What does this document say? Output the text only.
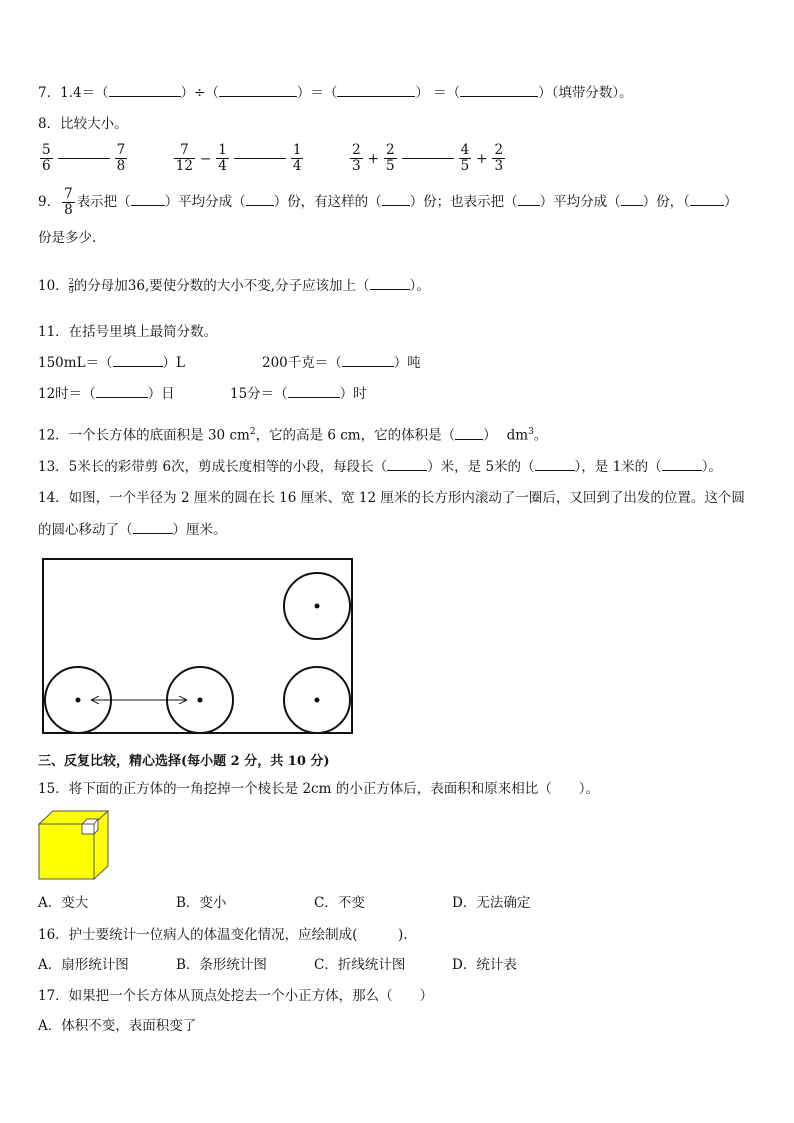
7．1.4＝（	）÷（	）＝（	） ＝（	）（填带分数）。
8．比较大小。
$\frac{5}{6}$	$\frac{7}{8}$
	$\frac{7}{12} - \frac{1}{4}$	$\frac{1}{4}$
	$\frac{2}{3} + \frac{2}{5}$	$\frac{4}{5} + \frac{2}{3}$
9． $\frac{7}{8}$ 表示把（	）平均分成（ ）份，有这样的（ ）份；也表示把（ ）平均分成（ ）份，（	）
份是多少.
10． $\frac{2}{9}$ 的分母加36,要使分数的大小不变,分子应该加上（	）。
11．在括号里填上最简分数。
150mL＝（	）L	200千克＝（	）吨
12时＝（	）日	15分＝（	）时
12．一个长方体的底面积是 30 $cm^2$，它的高是 6 cm，它的体积是（ ） $dm^3$。
13．5米长的彩带剪 6次，剪成长度相等的小段，每段长（	）米，是 5米的（	），是 1米的（	）。
14．如图，一个半径为 2 厘米的圆在长 16 厘米、宽 12 厘米的长方形内滚动了一圈后，又回到了出发的位置。这个圆
的圆心移动了（	）厘米。
三、反复比较，精心选择(每小题 2 分，共 10 分)
15．将下面的正方体的一角挖掉一个棱长是 2cm 的小正方体后，表面积和原来相比（　　）。
A．变大	B．变小	C．不变	D．无法确定
16．护士要统计一位病人的体温变化情况，应绘制成(　　　).
A．扇形统计图	B．条形统计图	C．折线统计图	D．统计表
17．如果把一个长方体从顶点处挖去一个小正方体，那么（　　）
A．体积不变，表面积变了
